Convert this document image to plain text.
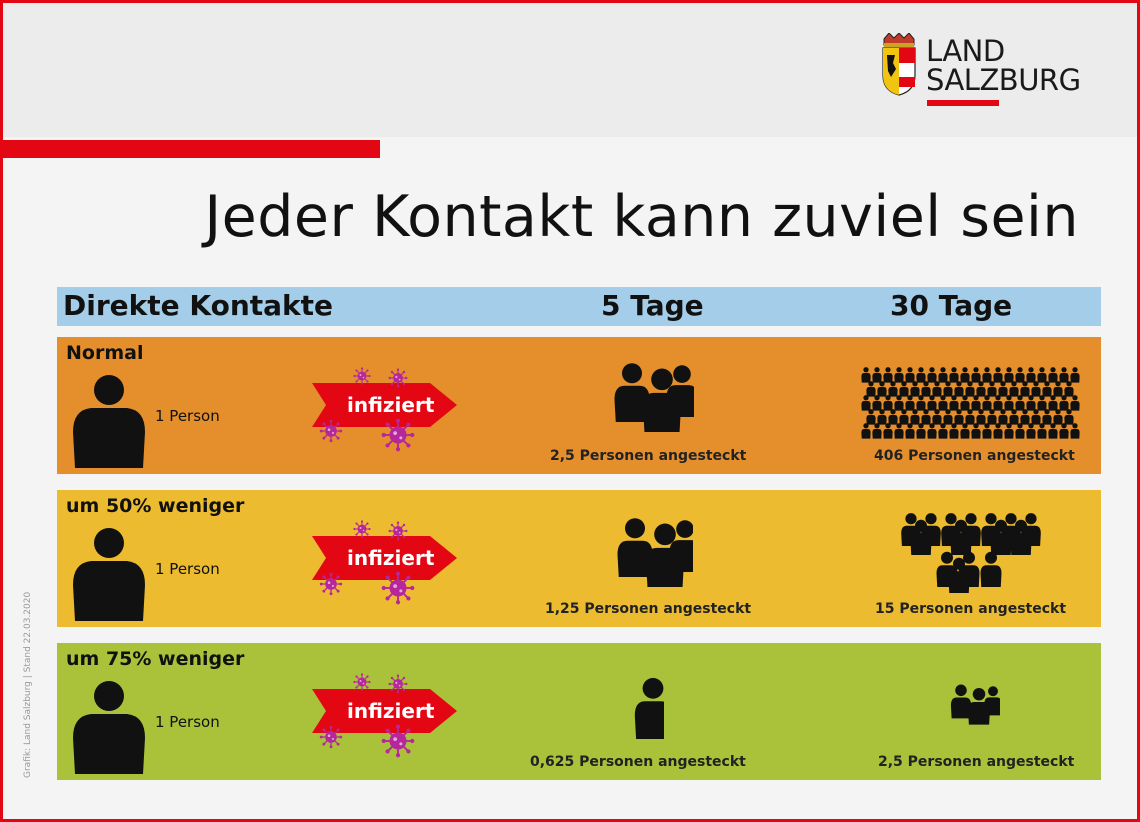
LAND
SALZBURG
Jeder Kontakt kann zuviel sein
Direkte Kontakte	5 Tage	30 Tage
Normal
1 Person	infiziert
2,5 Personen angesteckt	406 Personen angesteckt
um 50% weniger
1 Person	infiziert
1,25 Personen angesteckt	15 Personen angesteckt
um 75% weniger
1 Person	infiziert
0,625 Personen angesteckt	2,5 Personen angesteckt
Grafik: Land Salzburg | Stand 22.03.2020
